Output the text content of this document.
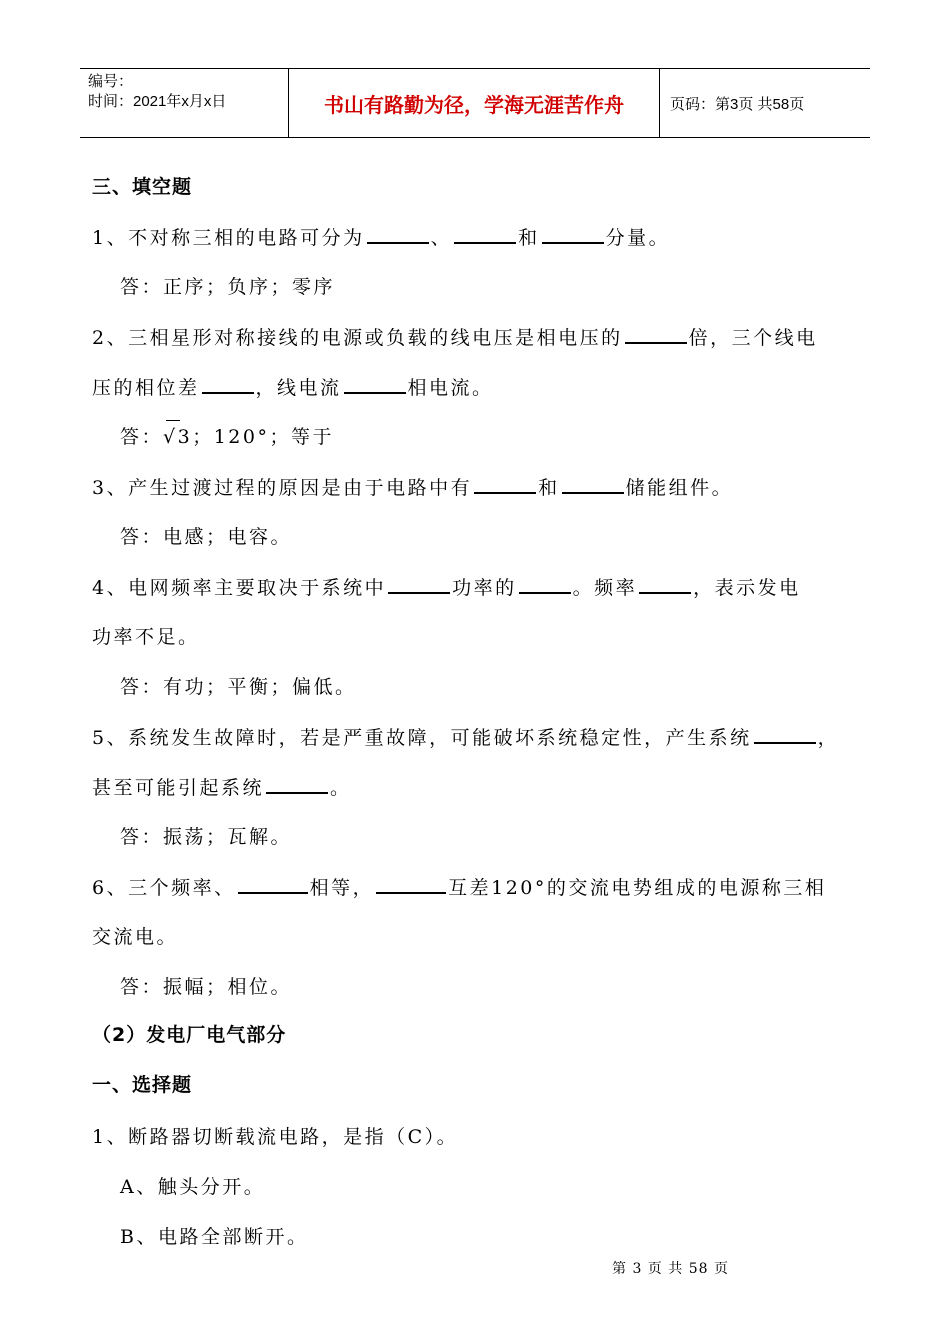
编号：
时间：2021年x月x日	书山有路勤为径，学海无涯苦作舟	页码：第3页 共58页
三、填空题
1、不对称三相的电路可分为	、	和	分量。
答：正序；负序；零序
2、三相星形对称接线的电源或负载的线电压是相电压的	倍，三个线电
压的相位差	，线电流	相电流。
答：
√3；120°；等于
3、产生过渡过程的原因是由于电路中有	和	储能组件。
答：电感；电容。
4、电网频率主要取决于系统中	功率的	。频率	，表示发电
功率不足。
答：有功；平衡；偏低。
5、系统发生故障时，若是严重故障，可能破坏系统稳定性，产生系统	，
甚至可能引起系统	。
答：振荡；瓦解。
6、三个频率、	相等，	互差120°的交流电势组成的电源称三相
交流电。
答：振幅；相位。
（2）发电厂电气部分
一、选择题
1、断路器切断载流电路，是指（C）。
A、触头分开。
B、电路全部断开。
第 3 页 共 58 页
